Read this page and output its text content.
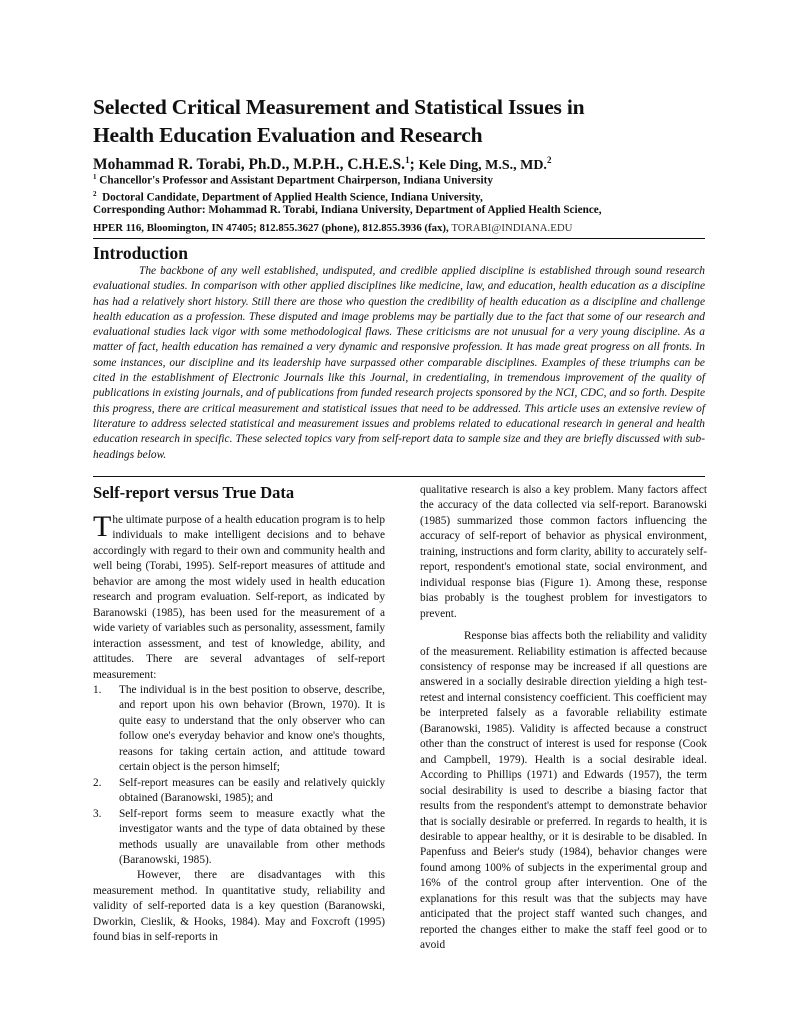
Selected Critical Measurement and Statistical Issues in
Health Education Evaluation and Research
Mohammad R. Torabi, Ph.D., M.P.H., C.H.E.S.$^1$; Kele Ding, M.S., MD.$^2$
$^1$ Chancellor's Professor and Assistant Department Chairperson, Indiana University
$^2$ Doctoral Candidate, Department of Applied Health Science, Indiana University,
Corresponding Author: Mohammad R. Torabi, Indiana University, Department of Applied Health Science,
HPER 116, Bloomington, IN 47405; 812.855.3627 (phone), 812.855.3936 (fax), TORABI@INDIANA.EDU
Introduction
The backbone of any well established, undisputed, and credible applied discipline is established through sound research evaluational studies. In comparison with other applied disciplines like medicine, law, and education, health education as a discipline has had a relatively short history. Still there are those who question the credibility of health education as a discipline and challenge health education as a profession. These disputed and image problems may be partially due to the fact that some of our research and evaluational studies lack vigor with some methodological flaws. These criticisms are not unusual for a very young discipline. As a matter of fact, health education has remained a very dynamic and responsive profession. It has made great progress on all fronts. In some instances, our discipline and its leadership have surpassed other comparable disciplines. Examples of these triumphs can be cited in the establishment of Electronic Journals like this Journal, in credentialing, in tremendous improvement of the quality of publications in existing journals, and of publications from funded research projects sponsored by the NCI, CDC, and so forth. Despite this progress, there are critical measurement and statistical issues that need to be addressed. This article uses an extensive review of literature to address selected statistical and measurement issues and problems related to educational research in general and health education research in specific. These selected topics vary from self-report data to sample size and they are briefly discussed with sub-headings below.
Self-report versus True Data

The ultimate purpose of a health education program is to help individuals to make intelligent decisions and to behave accordingly with regard to their own and community health and well being (Torabi, 1995). Self-report measures of attitude and behavior are among the most widely used in health education research and program evaluation. Self-report, as indicated by Baranowski (1985), has been used for the measurement of a wide variety of variables such as personality, assessment, family interaction assessment, and test of knowledge, ability, and attitudes. There are several advantages of self-report measurement:

1. The individual is in the best position to observe, describe, and report upon his own behavior (Brown, 1970). It is quite easy to understand that the only observer who can follow one's everyday behavior and know one's thoughts, reasons for taking certain action, and attitude toward certain object is the person himself;
2. Self-report measures can be easily and relatively quickly obtained (Baranowski, 1985); and
3. Self-report forms seem to measure exactly what the investigator wants and the type of data obtained by these methods usually are unavailable from other methods (Baranowski, 1985).

However, there are disadvantages with this measurement method. In quantitative study, reliability and validity of self-reported data is a key question (Baranowski, Dworkin, Cieslik, & Hooks, 1984). May and Foxcroft (1995) found bias in self-reports in

qualitative research is also a key problem. Many factors affect the accuracy of the data collected via self-report. Baranowski (1985) summarized those common factors influencing the accuracy of self-report of behavior as physical environment, training, instructions and form clarity, ability to accurately self-report, respondent's emotional state, social environment, and individual response bias (Figure 1). Among these, response bias probably is the toughest problem for investigators to prevent.

Response bias affects both the reliability and validity of the measurement. Reliability estimation is affected because consistency of response may be increased if all questions are answered in a socially desirable direction yielding a high test-retest and internal consistency coefficient. This coefficient may be interpreted falsely as a favorable reliability estimate (Baranowski, 1985). Validity is affected because a construct other than the construct of interest is used for response (Cook and Campbell, 1979). Health is a social desirable ideal. According to Phillips (1971) and Edwards (1957), the term social desirability is used to describe a biasing factor that results from the respondent's attempt to demonstrate behavior that is socially desirable or preferred. In regards to health, it is desirable to appear healthy, or it is desirable to be disabled. In Papenfuss and Beier's study (1984), behavior changes were found among 100% of subjects in the experimental group and 16% of the control group after intervention. One of the explanations for this result was that the subjects may have anticipated that the project staff wanted such changes, and reported the changes either to make the staff feel good or to avoid
